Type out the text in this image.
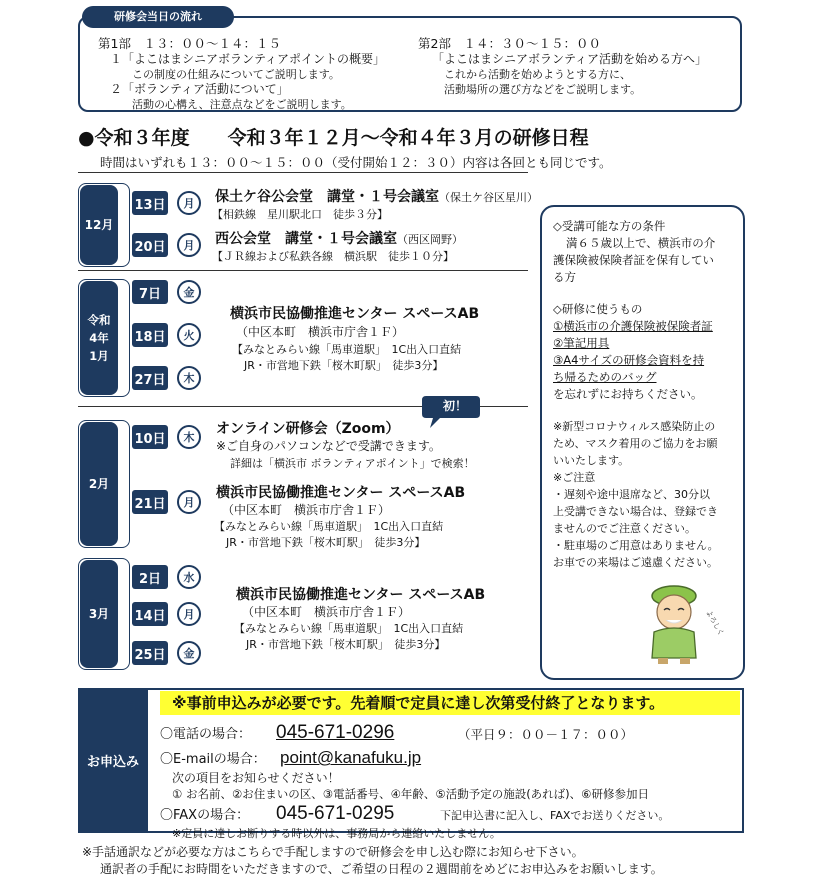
研修会当日の流れ
第1部　１３：００～１４：１５
１「よこはまシニアボランティアポイントの概要」
この制度の仕組みについてご説明します。
２「ボランティア活動について」
活動の心構え、注意点などをご説明します。
第2部　１４：３０～１５：００
「よこはまシニアボランティア活動を始める方へ」
これから活動を始めようとする方に、
活動場所の選び方などをご説明します。
●令和３年度　　令和３年１２月～令和４年３月の研修日程
時間はいずれも１３：００～１５：００（受付開始１２：３０）内容は各回とも同じです。
12月
13日	月	保土ケ谷公会堂　講堂・１号会議室（保土ケ谷区星川）
【相鉄線　星川駅北口　徒歩３分】
20日	月	西公会堂　講堂・１号会議室（西区岡野）
【ＪＲ線および私鉄各線　横浜駅　徒歩１０分】
令和
4年
1月
7日	金
18日	火
27日	木
横浜市民協働推進センター スペースAB
（中区本町　横浜市庁舎１Ｆ）
【みなとみらい線「馬車道駅」　1C出入口直結
JR・市営地下鉄「桜木町駅」　徒歩3分】
2月
10日	木
オンライン研修会（Zoom）
※ご自身のパソコンなどで受講できます。
詳細は「横浜市 ボランティアポイント」で検索！
初！
21日	月
横浜市民協働推進センター スペースAB
（中区本町　横浜市庁舎１Ｆ）
【みなとみらい線「馬車道駅」　1C出入口直結
JR・市営地下鉄「桜木町駅」　徒歩3分】
3月
2日	水
14日	月
25日	金
横浜市民協働推進センター スペースAB
（中区本町　横浜市庁舎１Ｆ）
【みなとみらい線「馬車道駅」　1C出入口直結
JR・市営地下鉄「桜木町駅」　徒歩3分】
◇受講可能な方の条件
満６５歳以上で、横浜市の介
護保険被保険者証を保有してい
る方
◇研修に使うもの
①横浜市の介護保険被保険者証
②筆記用具
③A4サイズの研修会資料を持
ち帰るためのバッグ
を忘れずにお持ちください。
※新型コロナウィルス感染防止の
ため、マスク着用のご協力をお願
いいたします。
※ご注意
・遅刻や途中退席など、30分以
上受講できない場合は、登録でき
ませんのでご注意ください。
・駐車場のご用意はありません。
お車での来場はご遠慮ください。
よろしく
お申込み
※事前申込みが必要です。先着順で定員に達し次第受付終了となります。
〇電話の場合： 045-671-0296	（平日９：００－１７：００）
〇E-mailの場合： point@kanafuku.jp
次の項目をお知らせください！
① お名前、②お住まいの区、③電話番号、④年齢、⑤活動予定の施設(あれば)、⑥研修参加日
〇FAXの場合： 045-671-0295	下記申込書に記入し、FAXでお送りください。
※定員に達しお断りする時以外は、事務局から連絡いたしません。
※手話通訳などが必要な方はこちらで手配しますので研修会を申し込む際にお知らせ下さい。
通訳者の手配にお時間をいただきますので、ご希望の日程の２週間前をめどにお申込みをお願いします。
